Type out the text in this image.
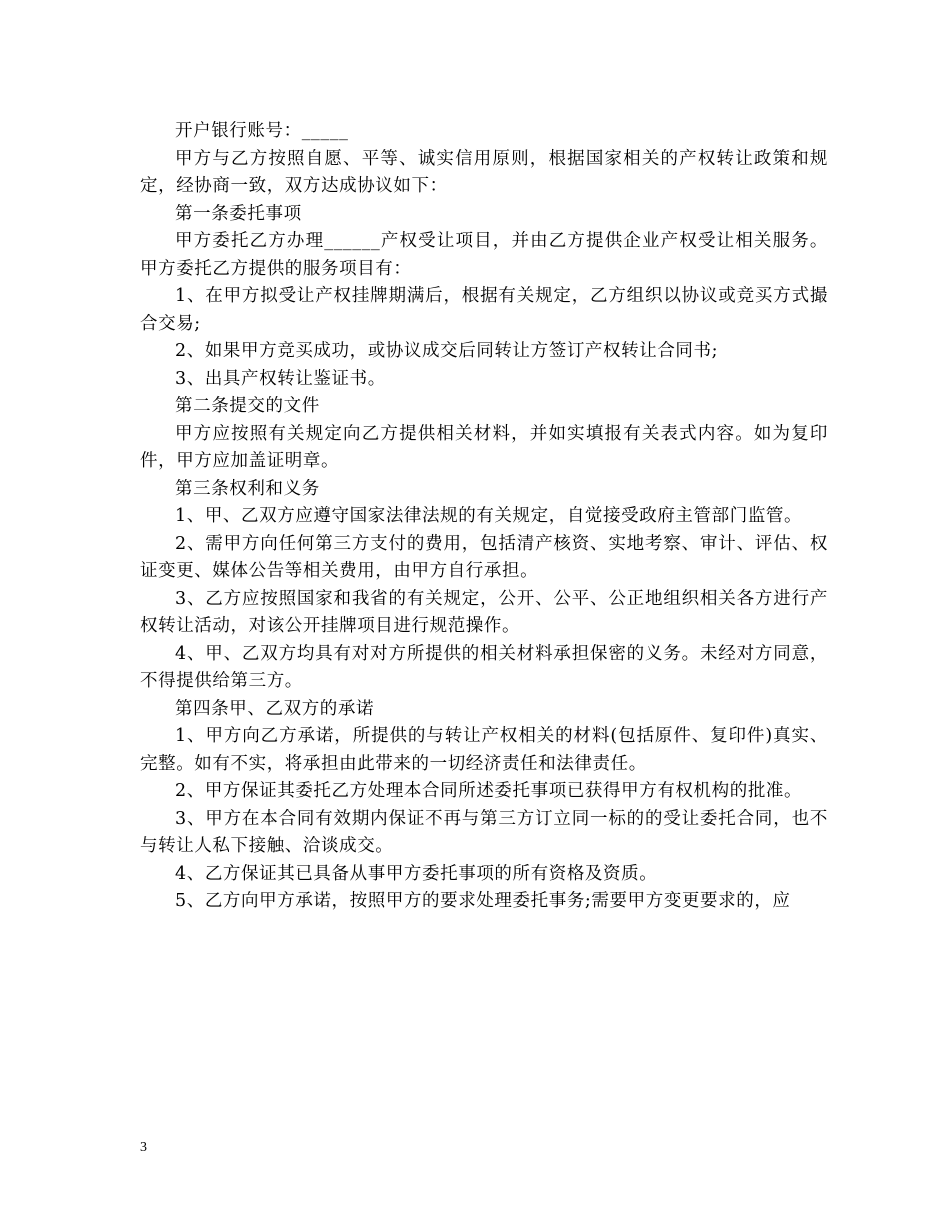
开户银行账号：_____

甲方与乙方按照自愿、平等、诚实信用原则，根据国家相关的产权转让政策和规定，经协商一致，双方达成协议如下：

第一条委托事项

甲方委托乙方办理______产权受让项目，并由乙方提供企业产权受让相关服务。甲方委托乙方提供的服务项目有：

1、在甲方拟受让产权挂牌期满后，根据有关规定，乙方组织以协议或竞买方式撮合交易;

2、如果甲方竞买成功，或协议成交后同转让方签订产权转让合同书;

3、出具产权转让鉴证书。

第二条提交的文件

甲方应按照有关规定向乙方提供相关材料，并如实填报有关表式内容。如为复印件，甲方应加盖证明章。

第三条权利和义务

1、甲、乙双方应遵守国家法律法规的有关规定，自觉接受政府主管部门监管。

2、需甲方向任何第三方支付的费用，包括清产核资、实地考察、审计、评估、权证变更、媒体公告等相关费用，由甲方自行承担。

3、乙方应按照国家和我省的有关规定，公开、公平、公正地组织相关各方进行产权转让活动，对该公开挂牌项目进行规范操作。

4、甲、乙双方均具有对对方所提供的相关材料承担保密的义务。未经对方同意，不得提供给第三方。

第四条甲、乙双方的承诺

1、甲方向乙方承诺，所提供的与转让产权相关的材料(包括原件、复印件)真实、完整。如有不实，将承担由此带来的一切经济责任和法律责任。

2、甲方保证其委托乙方处理本合同所述委托事项已获得甲方有权机构的批准。

3、甲方在本合同有效期内保证不再与第三方订立同一标的的受让委托合同，也不与转让人私下接触、洽谈成交。

4、乙方保证其已具备从事甲方委托事项的所有资格及资质。

5、乙方向甲方承诺，按照甲方的要求处理委托事务;需要甲方变更要求的，应

3
